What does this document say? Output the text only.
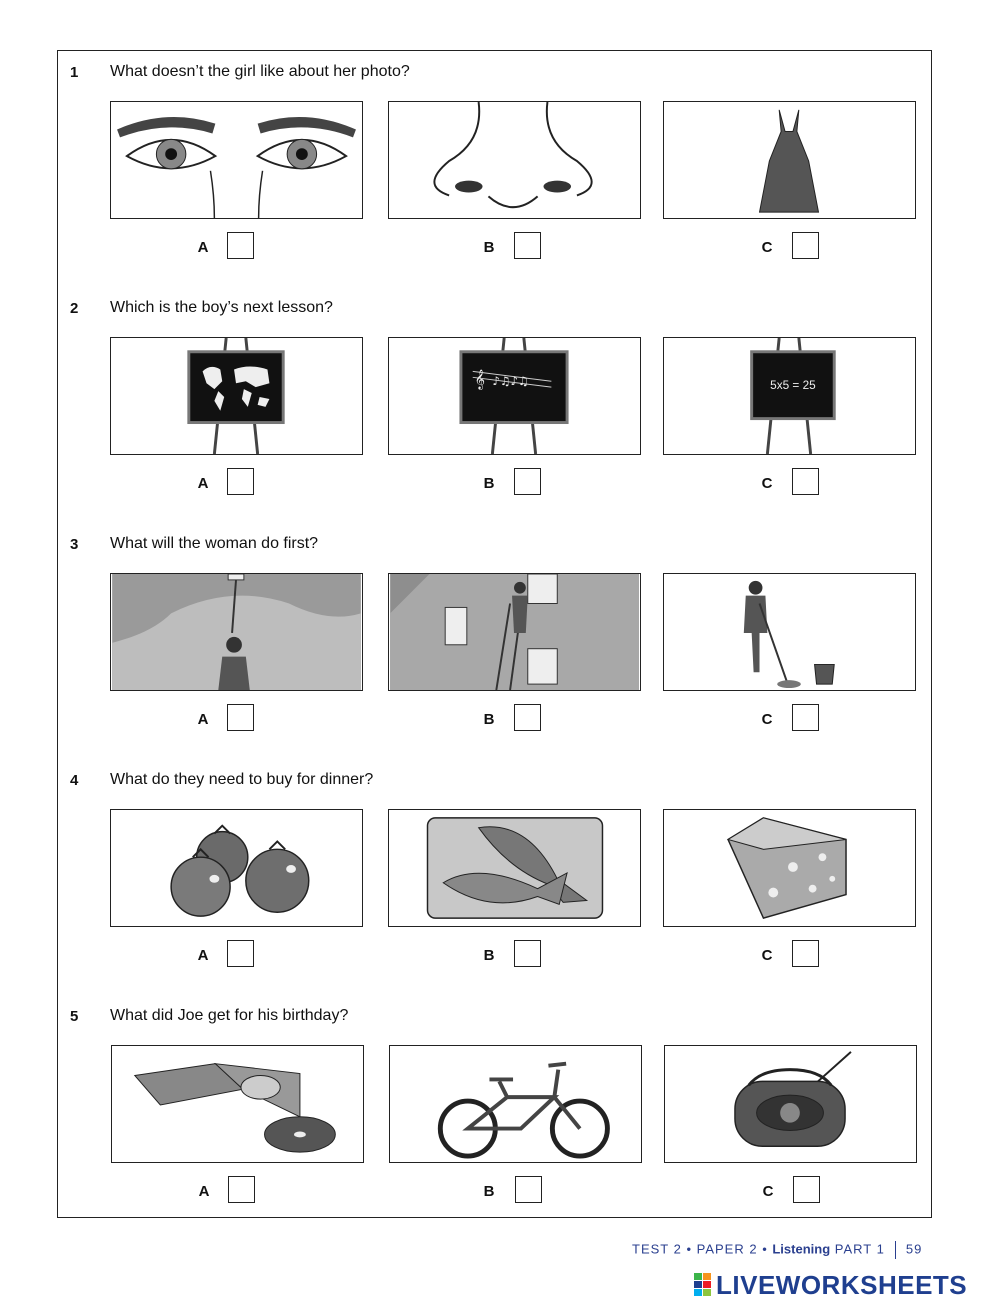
1 What doesn’t the girl like about her photo?
A	B	C
2 Which is the boy’s next lesson?
A
𝄞 ♪♫♪♫
B
5x5 = 25
C
3 What will the woman do first?
A	B	C
4 What do they need to buy for dinner?
A	B	C
5 What did Joe get for his birthday?
A	B	C
TEST 2 • PAPER 2 • Listening PART 1 59
LIVEWORKSHEETS
